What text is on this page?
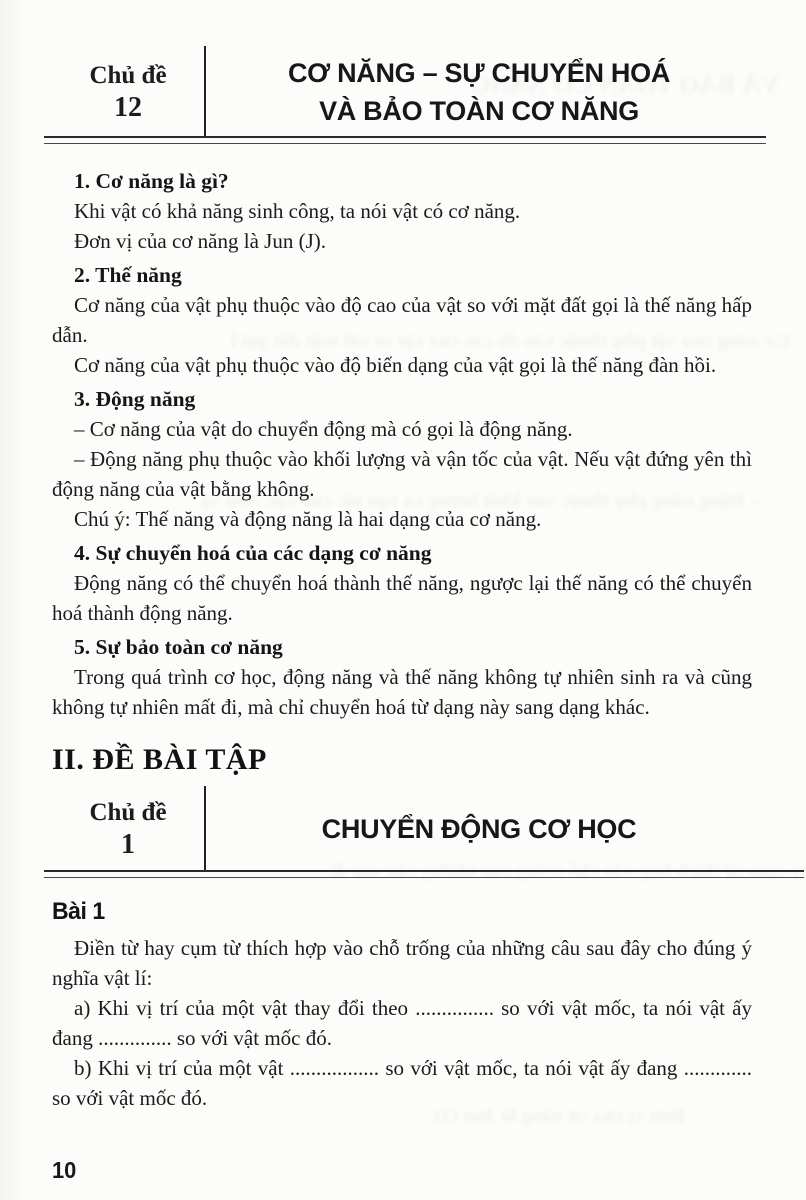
Chủ đề
12
CƠ NĂNG – SỰ CHUYỂN HOÁ
VÀ BẢO TOÀN CƠ NĂNG

1. Cơ năng là gì?

Khi vật có khả năng sinh công, ta nói vật có cơ năng.

Đơn vị của cơ năng là Jun (J).

2. Thế năng

Cơ năng của vật phụ thuộc vào độ cao của vật so với mặt đất gọi là thế năng hấp dẫn.

Cơ năng của vật phụ thuộc vào độ biến dạng của vật gọi là thế năng đàn hồi.

3. Động năng

– Cơ năng của vật do chuyển động mà có gọi là động năng.

– Động năng phụ thuộc vào khối lượng và vận tốc của vật. Nếu vật đứng yên thì động năng của vật bằng không.

Chú ý: Thế năng và động năng là hai dạng của cơ năng.

4. Sự chuyển hoá của các dạng cơ năng

Động năng có thể chuyển hoá thành thế năng, ngược lại thế năng có thể chuyển hoá thành động năng.

5. Sự bảo toàn cơ năng

Trong quá trình cơ học, động năng và thế năng không tự nhiên sinh ra và cũng không tự nhiên mất đi, mà chỉ chuyển hoá từ dạng này sang dạng khác.

II. ĐỀ BÀI TẬP
Chủ đề
1	CHUYỂN ĐỘNG CƠ HỌC
Bài 1

Điền từ hay cụm từ thích hợp vào chỗ trống của những câu sau đây cho đúng ý nghĩa vật lí:

a) Khi vị trí của một vật thay đổi theo ............... so với vật mốc, ta nói vật ấy đang .............. so với vật mốc đó.

b) Khi vị trí của một vật ................. so với vật mốc, ta nói vật ấy đang ............. so với vật mốc đó.

10
